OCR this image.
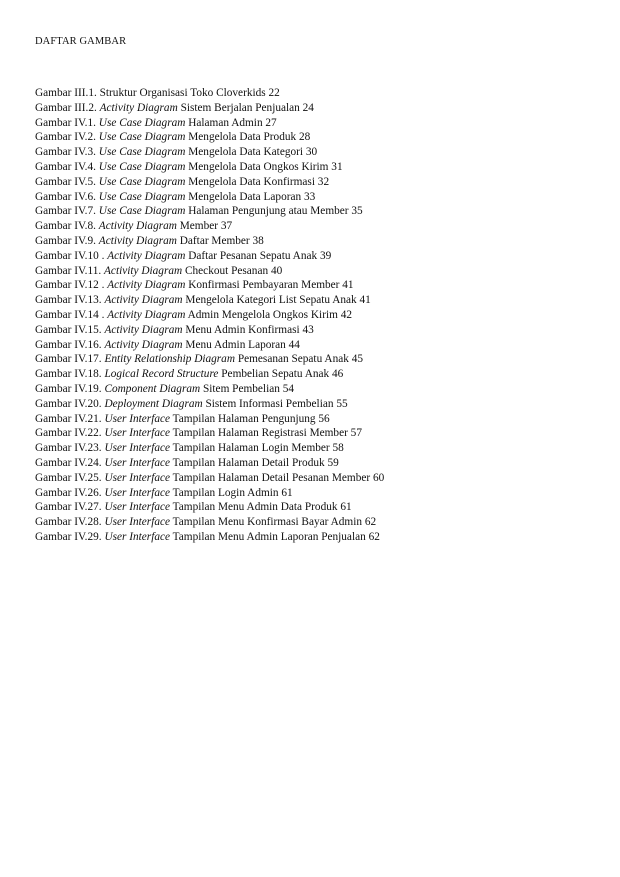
DAFTAR GAMBAR
Gambar III.1. Struktur Organisasi Toko Cloverkids 22
Gambar III.2. Activity Diagram Sistem Berjalan Penjualan 24
Gambar IV.1. Use Case Diagram Halaman Admin 27
Gambar IV.2. Use Case Diagram Mengelola Data Produk 28
Gambar IV.3. Use Case Diagram Mengelola Data Kategori 30
Gambar IV.4. Use Case Diagram Mengelola Data Ongkos Kirim 31
Gambar IV.5. Use Case Diagram Mengelola Data Konfirmasi 32
Gambar IV.6. Use Case Diagram Mengelola Data Laporan 33
Gambar IV.7. Use Case Diagram Halaman Pengunjung atau Member 35
Gambar IV.8. Activity Diagram Member 37
Gambar IV.9. Activity Diagram Daftar Member 38
Gambar IV.10 . Activity Diagram Daftar Pesanan Sepatu Anak 39
Gambar IV.11. Activity Diagram Checkout Pesanan 40
Gambar IV.12 . Activity Diagram Konfirmasi Pembayaran Member 41
Gambar IV.13. Activity Diagram Mengelola Kategori List Sepatu Anak 41
Gambar IV.14 . Activity Diagram Admin Mengelola Ongkos Kirim 42
Gambar IV.15. Activity Diagram Menu Admin Konfirmasi 43
Gambar IV.16. Activity Diagram Menu Admin Laporan 44
Gambar IV.17. Entity Relationship Diagram Pemesanan Sepatu Anak 45
Gambar IV.18. Logical Record Structure Pembelian Sepatu Anak 46
Gambar IV.19. Component Diagram Sitem Pembelian 54
Gambar IV.20. Deployment Diagram Sistem Informasi Pembelian 55
Gambar IV.21. User Interface Tampilan Halaman Pengunjung 56
Gambar IV.22. User Interface Tampilan Halaman Registrasi Member 57
Gambar IV.23. User Interface Tampilan Halaman Login Member 58
Gambar IV.24. User Interface Tampilan Halaman Detail Produk 59
Gambar IV.25. User Interface Tampilan Halaman Detail Pesanan Member 60
Gambar IV.26. User Interface Tampilan Login Admin 61
Gambar IV.27. User Interface Tampilan Menu Admin Data Produk 61
Gambar IV.28. User Interface Tampilan Menu Konfirmasi Bayar Admin 62
Gambar IV.29. User Interface Tampilan Menu Admin Laporan Penjualan 62
